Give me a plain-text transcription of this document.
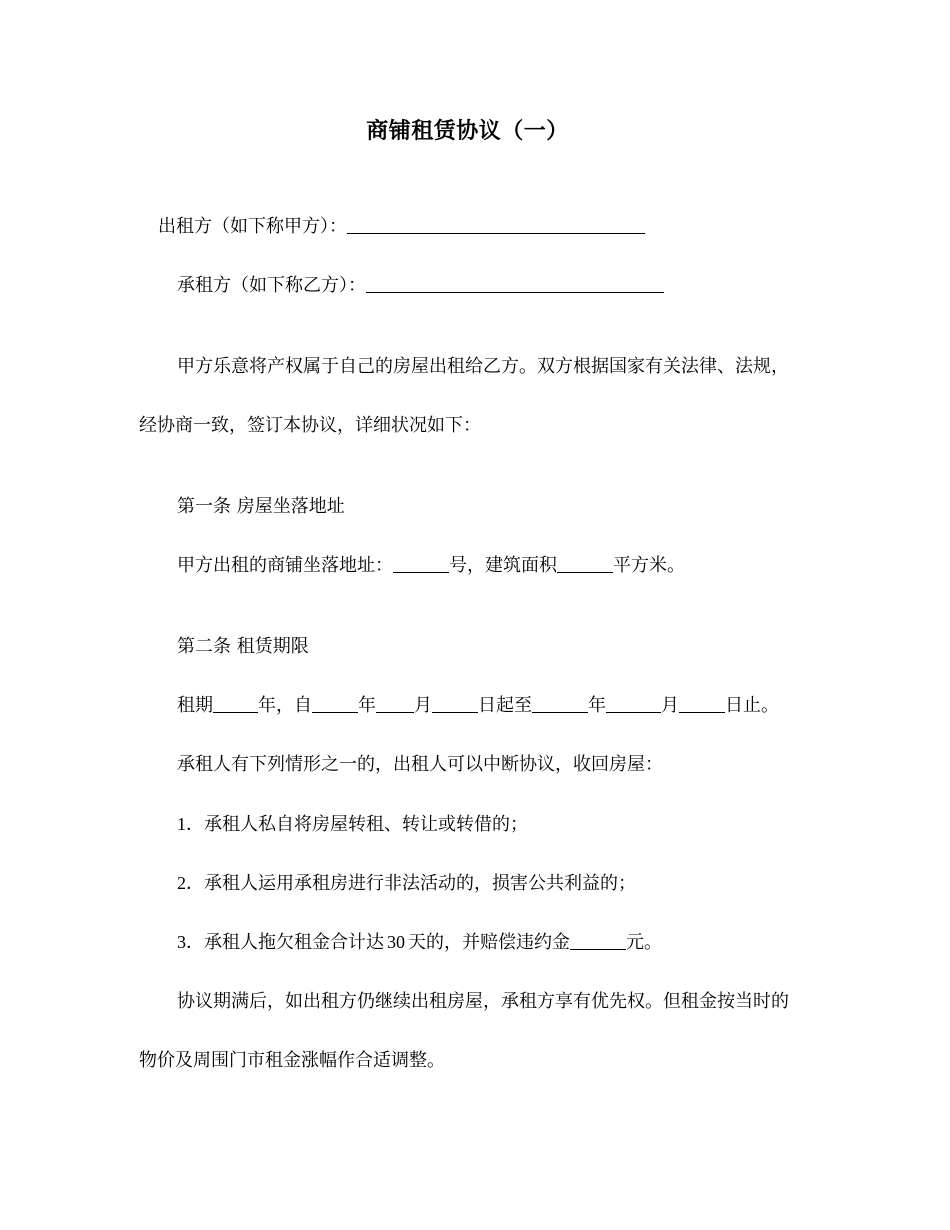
商铺租赁协议（一）
出租方（如下称甲方）：
承租方（如下称乙方）：
甲方乐意将产权属于自己的房屋出租给乙方。双方根据国家有关法律、法规，
经协商一致，签订本协议，详细状况如下：
第一条 房屋坐落地址
甲方出租的商铺坐落地址：	号，建筑面积	平方米。
第二条 租赁期限
租期	年，自	年 月	日起至	年	月	日止。
承租人有下列情形之一的，出租人可以中断协议，收回房屋：
1．承租人私自将房屋转租、转让或转借的；
2．承租人运用承租房进行非法活动的，损害公共利益的；
3．承租人拖欠租金合计达 30 天的，并赔偿违约金	元。
协议期满后，如出租方仍继续出租房屋，承租方享有优先权。但租金按当时的
物价及周围门市租金涨幅作合适调整。
